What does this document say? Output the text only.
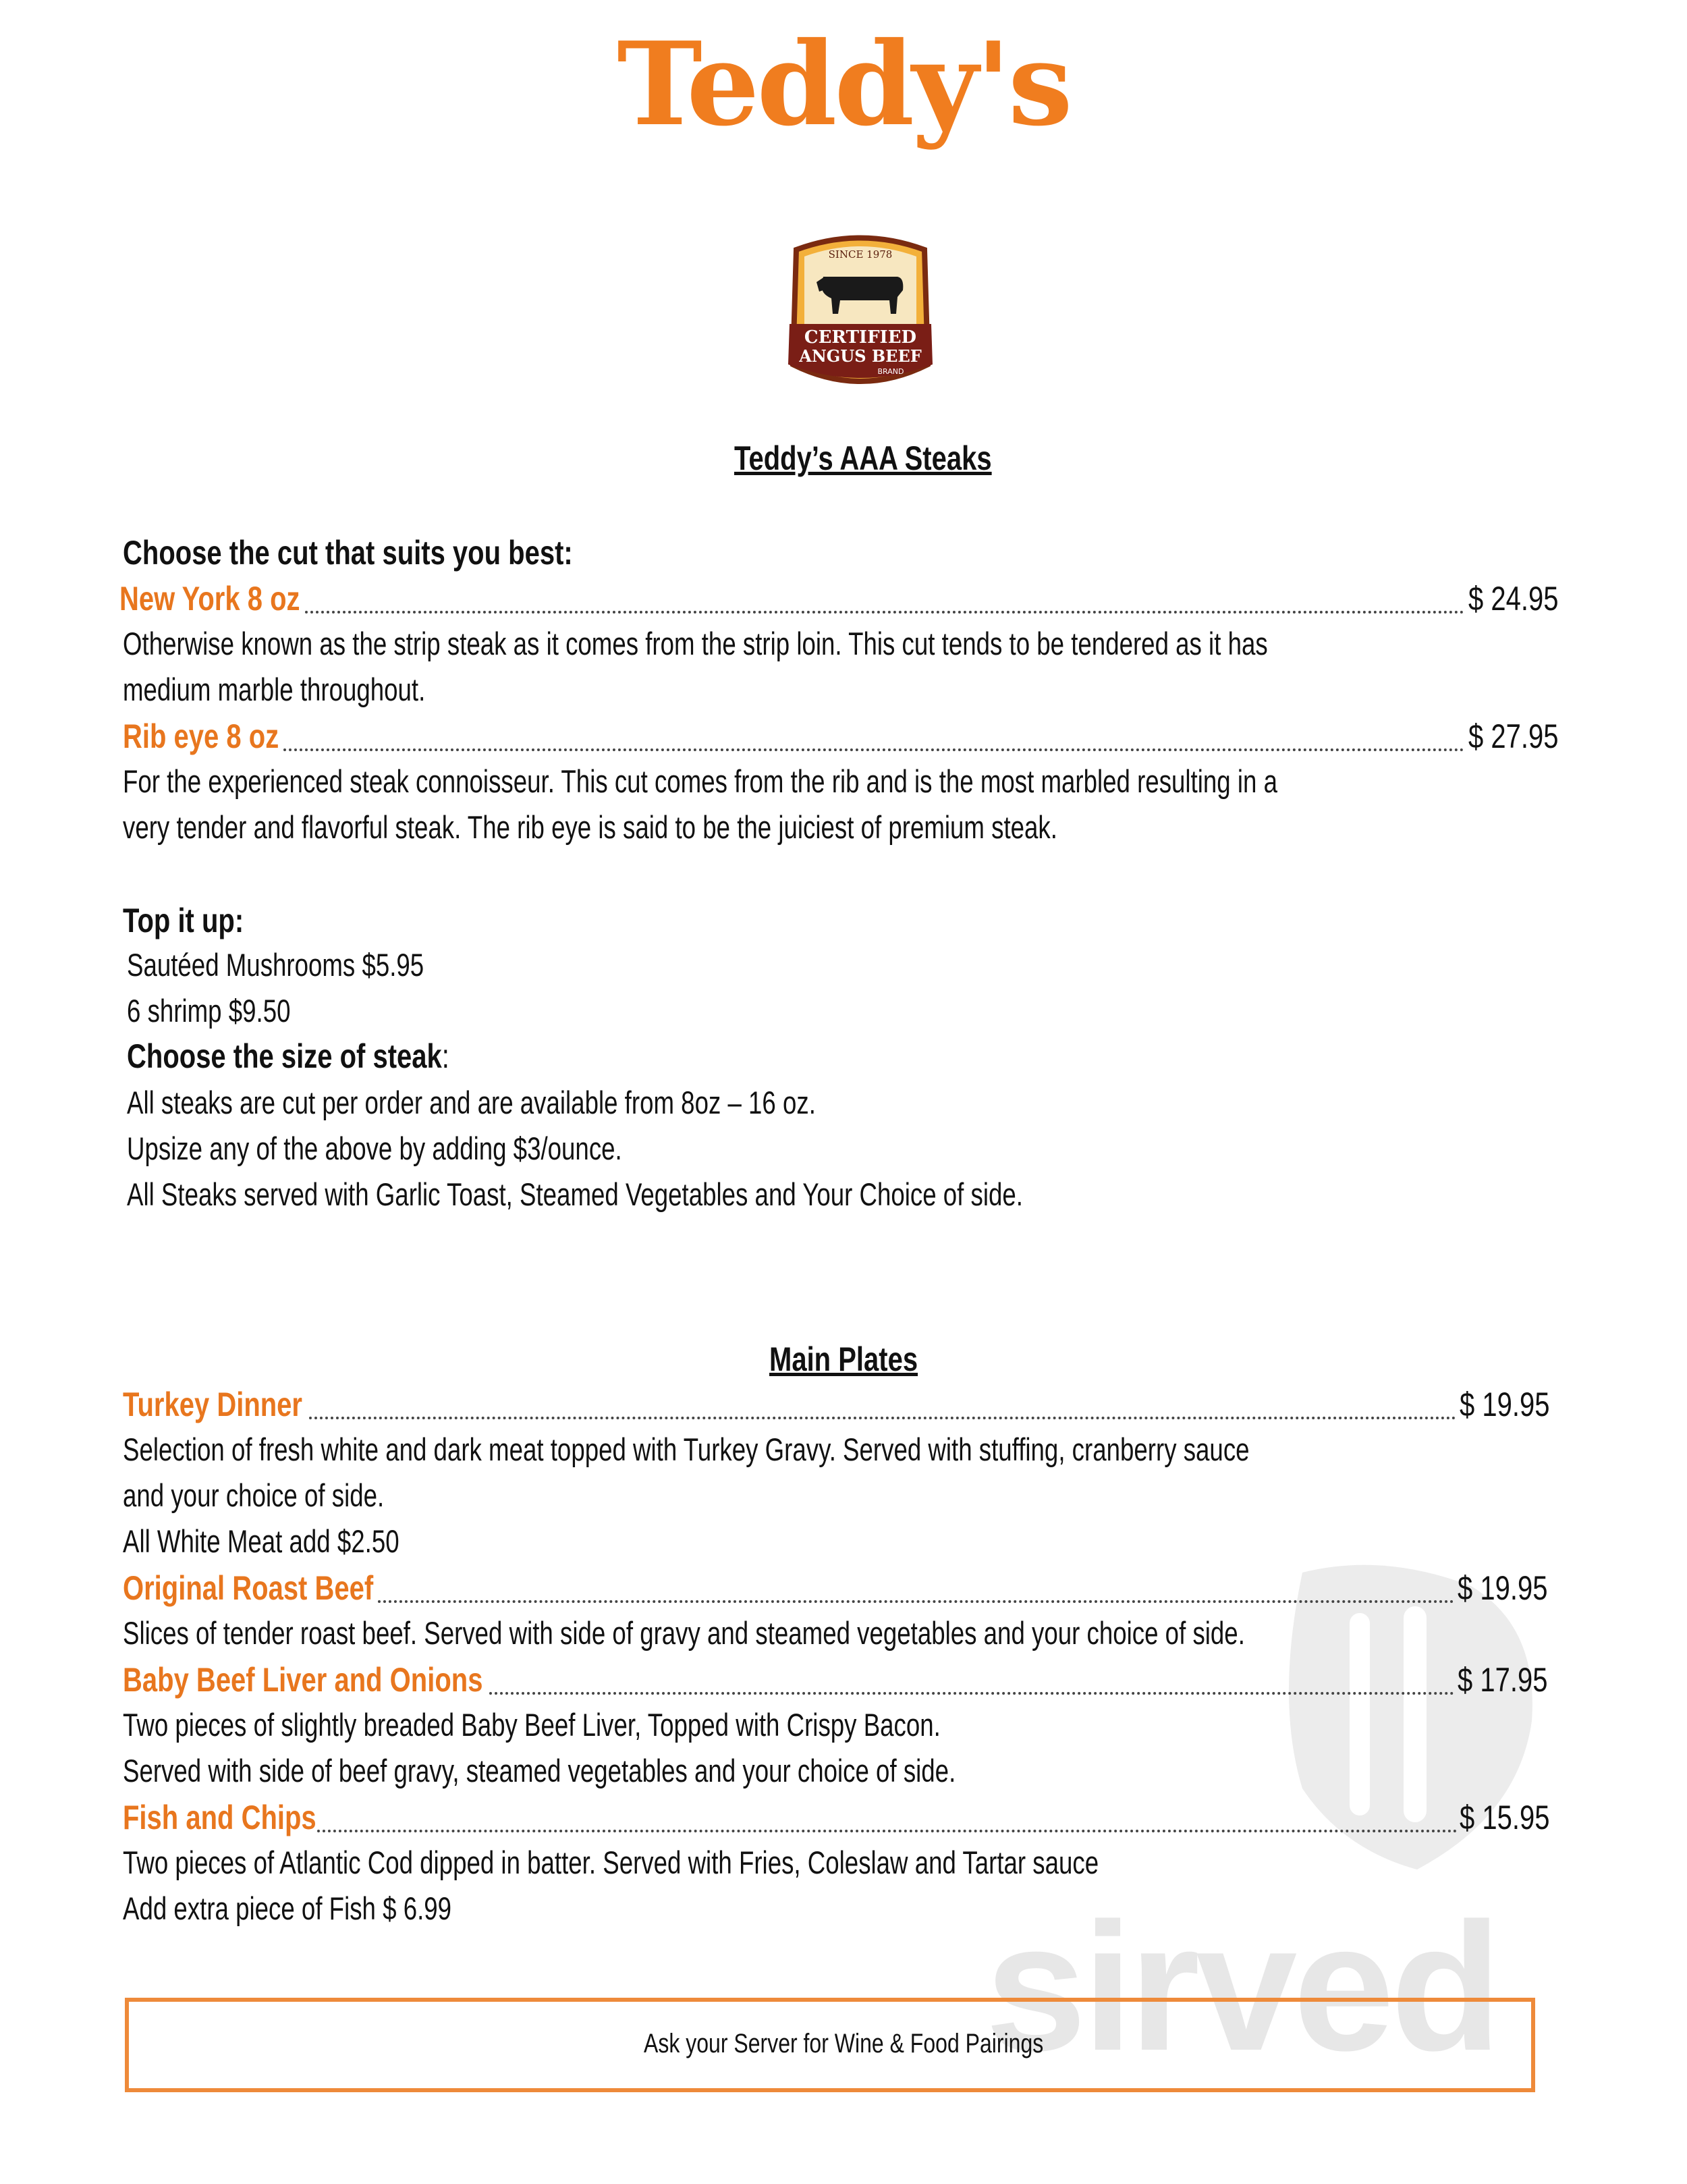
Teddy's
SINCE 1978
CERTIFIED
ANGUS BEEF
BRAND
sirved
Teddy’s AAA Steaks
Choose the cut that suits you best:
New York 8 oz	$ 24.95
Otherwise known as the strip steak as it comes from the strip loin. This cut tends to be tendered as it has
medium marble throughout.
Rib eye 8 oz	$ 27.95
For the experienced steak connoisseur. This cut comes from the rib and is the most marbled resulting in a
very tender and flavorful steak. The rib eye is said to be the juiciest of premium steak.
Top it up:
Sautéed Mushrooms $5.95
6 shrimp $9.50
Choose the size of steak:
All steaks are cut per order and are available from 8oz – 16 oz.
Upsize any of the above by adding $3/ounce.
All Steaks served with Garlic Toast, Steamed Vegetables and Your Choice of side.
Main Plates
Turkey Dinner	$ 19.95
Selection of fresh white and dark meat topped with Turkey Gravy. Served with stuffing, cranberry sauce
and your choice of side.
All White Meat add $2.50
Original Roast Beef	$ 19.95
Slices of tender roast beef. Served with side of gravy and steamed vegetables and your choice of side.
Baby Beef Liver and Onions	$ 17.95
Two pieces of slightly breaded Baby Beef Liver, Topped with Crispy Bacon.
Served with side of beef gravy, steamed vegetables and your choice of side.
Fish and Chips	$ 15.95
Two pieces of Atlantic Cod dipped in batter. Served with Fries, Coleslaw and Tartar sauce
Add extra piece of Fish $ 6.99
Ask your Server for Wine & Food Pairings
